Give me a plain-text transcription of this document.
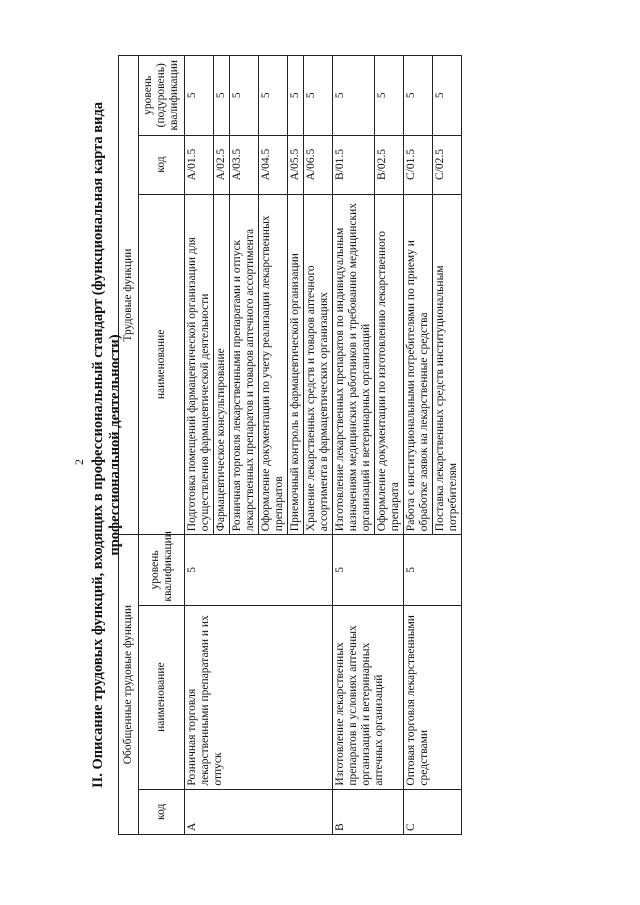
2 II. Описание трудовых функций, входящих в профессиональный стандарт (функциональная карта вида профессиональной деятельности)
Обобщенные трудовые функции			Трудовые функции		
код	наименование	уровень квалификации	наименование	код	уровень (подуровень) квалификации
A	Розничная торговля лекарственными препаратами и их отпуск	5	Подготовка помещений фармацевтической организации для осуществления фармацевтической деятельности	A/01.5	5
			Фармацевтическое консультирование	A/02.5	5
			Розничная торговля лекарственными препаратами и отпуск лекарственных препаратов и товаров аптечного ассортимента	A/03.5	5
			Оформление документации по учету реализации лекарственных препаратов	A/04.5	5
			Приемочный контроль в фармацевтической организации	A/05.5	5
			Хранение лекарственных средств и товаров аптечного ассортимента в фармацевтических организациях	A/06.5	5
B	Изготовление лекарственных препаратов в условиях аптечных организаций и ветеринарных аптечных организаций	5	Изготовление лекарственных препаратов по индивидуальным назначениям медицинских работников и требованию медицинских организаций и ветеринарных организаций	B/01.5	5
			Оформление документации по изготовлению лекарственного препарата	B/02.5	5
C	Оптовая торговля лекарственными средствами	5	Работа с институциональными потребителями по приему и обработке заявок на лекарственные средства	C/01.5	5
			Поставка лекарственных средств институциональным потребителям	C/02.5	5
